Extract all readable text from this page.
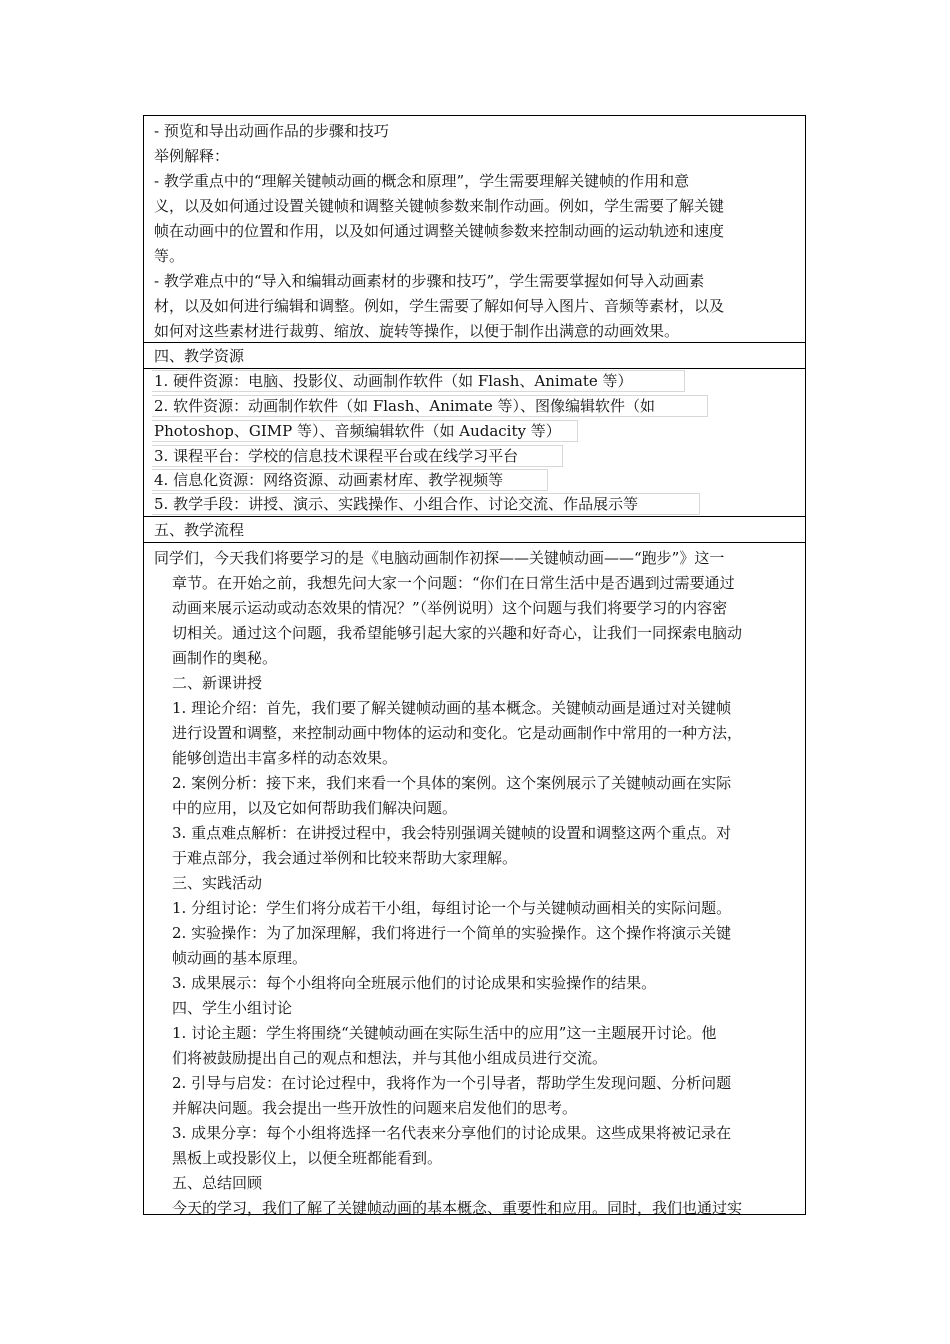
- 预览和导出动画作品的步骤和技巧
举例解释：
- 教学重点中的“理解关键帧动画的概念和原理”，学生需要理解关键帧的作用和意
义，以及如何通过设置关键帧和调整关键帧参数来制作动画。例如，学生需要了解关键
帧在动画中的位置和作用，以及如何通过调整关键帧参数来控制动画的运动轨迹和速度
等。
- 教学难点中的“导入和编辑动画素材的步骤和技巧”，学生需要掌握如何导入动画素
材，以及如何进行编辑和调整。例如，学生需要了解如何导入图片、音频等素材，以及
如何对这些素材进行裁剪、缩放、旋转等操作，以便于制作出满意的动画效果。
四、教学资源
1. 硬件资源：电脑、投影仪、动画制作软件（如 Flash、Animate 等）
2. 软件资源：动画制作软件（如 Flash、Animate 等）、图像编辑软件（如
Photoshop、GIMP 等）、音频编辑软件（如 Audacity 等）
3. 课程平台：学校的信息技术课程平台或在线学习平台
4. 信息化资源：网络资源、动画素材库、教学视频等
5. 教学手段：讲授、演示、实践操作、小组合作、讨论交流、作品展示等
五、教学流程
同学们，今天我们将要学习的是《电脑动画制作初探——关键帧动画——“跑步”》这一
章节。在开始之前，我想先问大家一个问题：“你们在日常生活中是否遇到过需要通过
动画来展示运动或动态效果的情况？”（举例说明）这个问题与我们将要学习的内容密
切相关。通过这个问题，我希望能够引起大家的兴趣和好奇心，让我们一同探索电脑动
画制作的奥秘。
二、新课讲授
1. 理论介绍：首先，我们要了解关键帧动画的基本概念。关键帧动画是通过对关键帧
进行设置和调整，来控制动画中物体的运动和变化。它是动画制作中常用的一种方法，
能够创造出丰富多样的动态效果。
2. 案例分析：接下来，我们来看一个具体的案例。这个案例展示了关键帧动画在实际
中的应用，以及它如何帮助我们解决问题。
3. 重点难点解析：在讲授过程中，我会特别强调关键帧的设置和调整这两个重点。对
于难点部分，我会通过举例和比较来帮助大家理解。
三、实践活动
1. 分组讨论：学生们将分成若干小组，每组讨论一个与关键帧动画相关的实际问题。
2. 实验操作：为了加深理解，我们将进行一个简单的实验操作。这个操作将演示关键
帧动画的基本原理。
3. 成果展示：每个小组将向全班展示他们的讨论成果和实验操作的结果。
四、学生小组讨论
1. 讨论主题：学生将围绕“关键帧动画在实际生活中的应用”这一主题展开讨论。他
们将被鼓励提出自己的观点和想法，并与其他小组成员进行交流。
2. 引导与启发：在讨论过程中，我将作为一个引导者，帮助学生发现问题、分析问题
并解决问题。我会提出一些开放性的问题来启发他们的思考。
3. 成果分享：每个小组将选择一名代表来分享他们的讨论成果。这些成果将被记录在
黑板上或投影仪上，以便全班都能看到。
五、总结回顾
今天的学习，我们了解了关键帧动画的基本概念、重要性和应用。同时，我们也通过实
